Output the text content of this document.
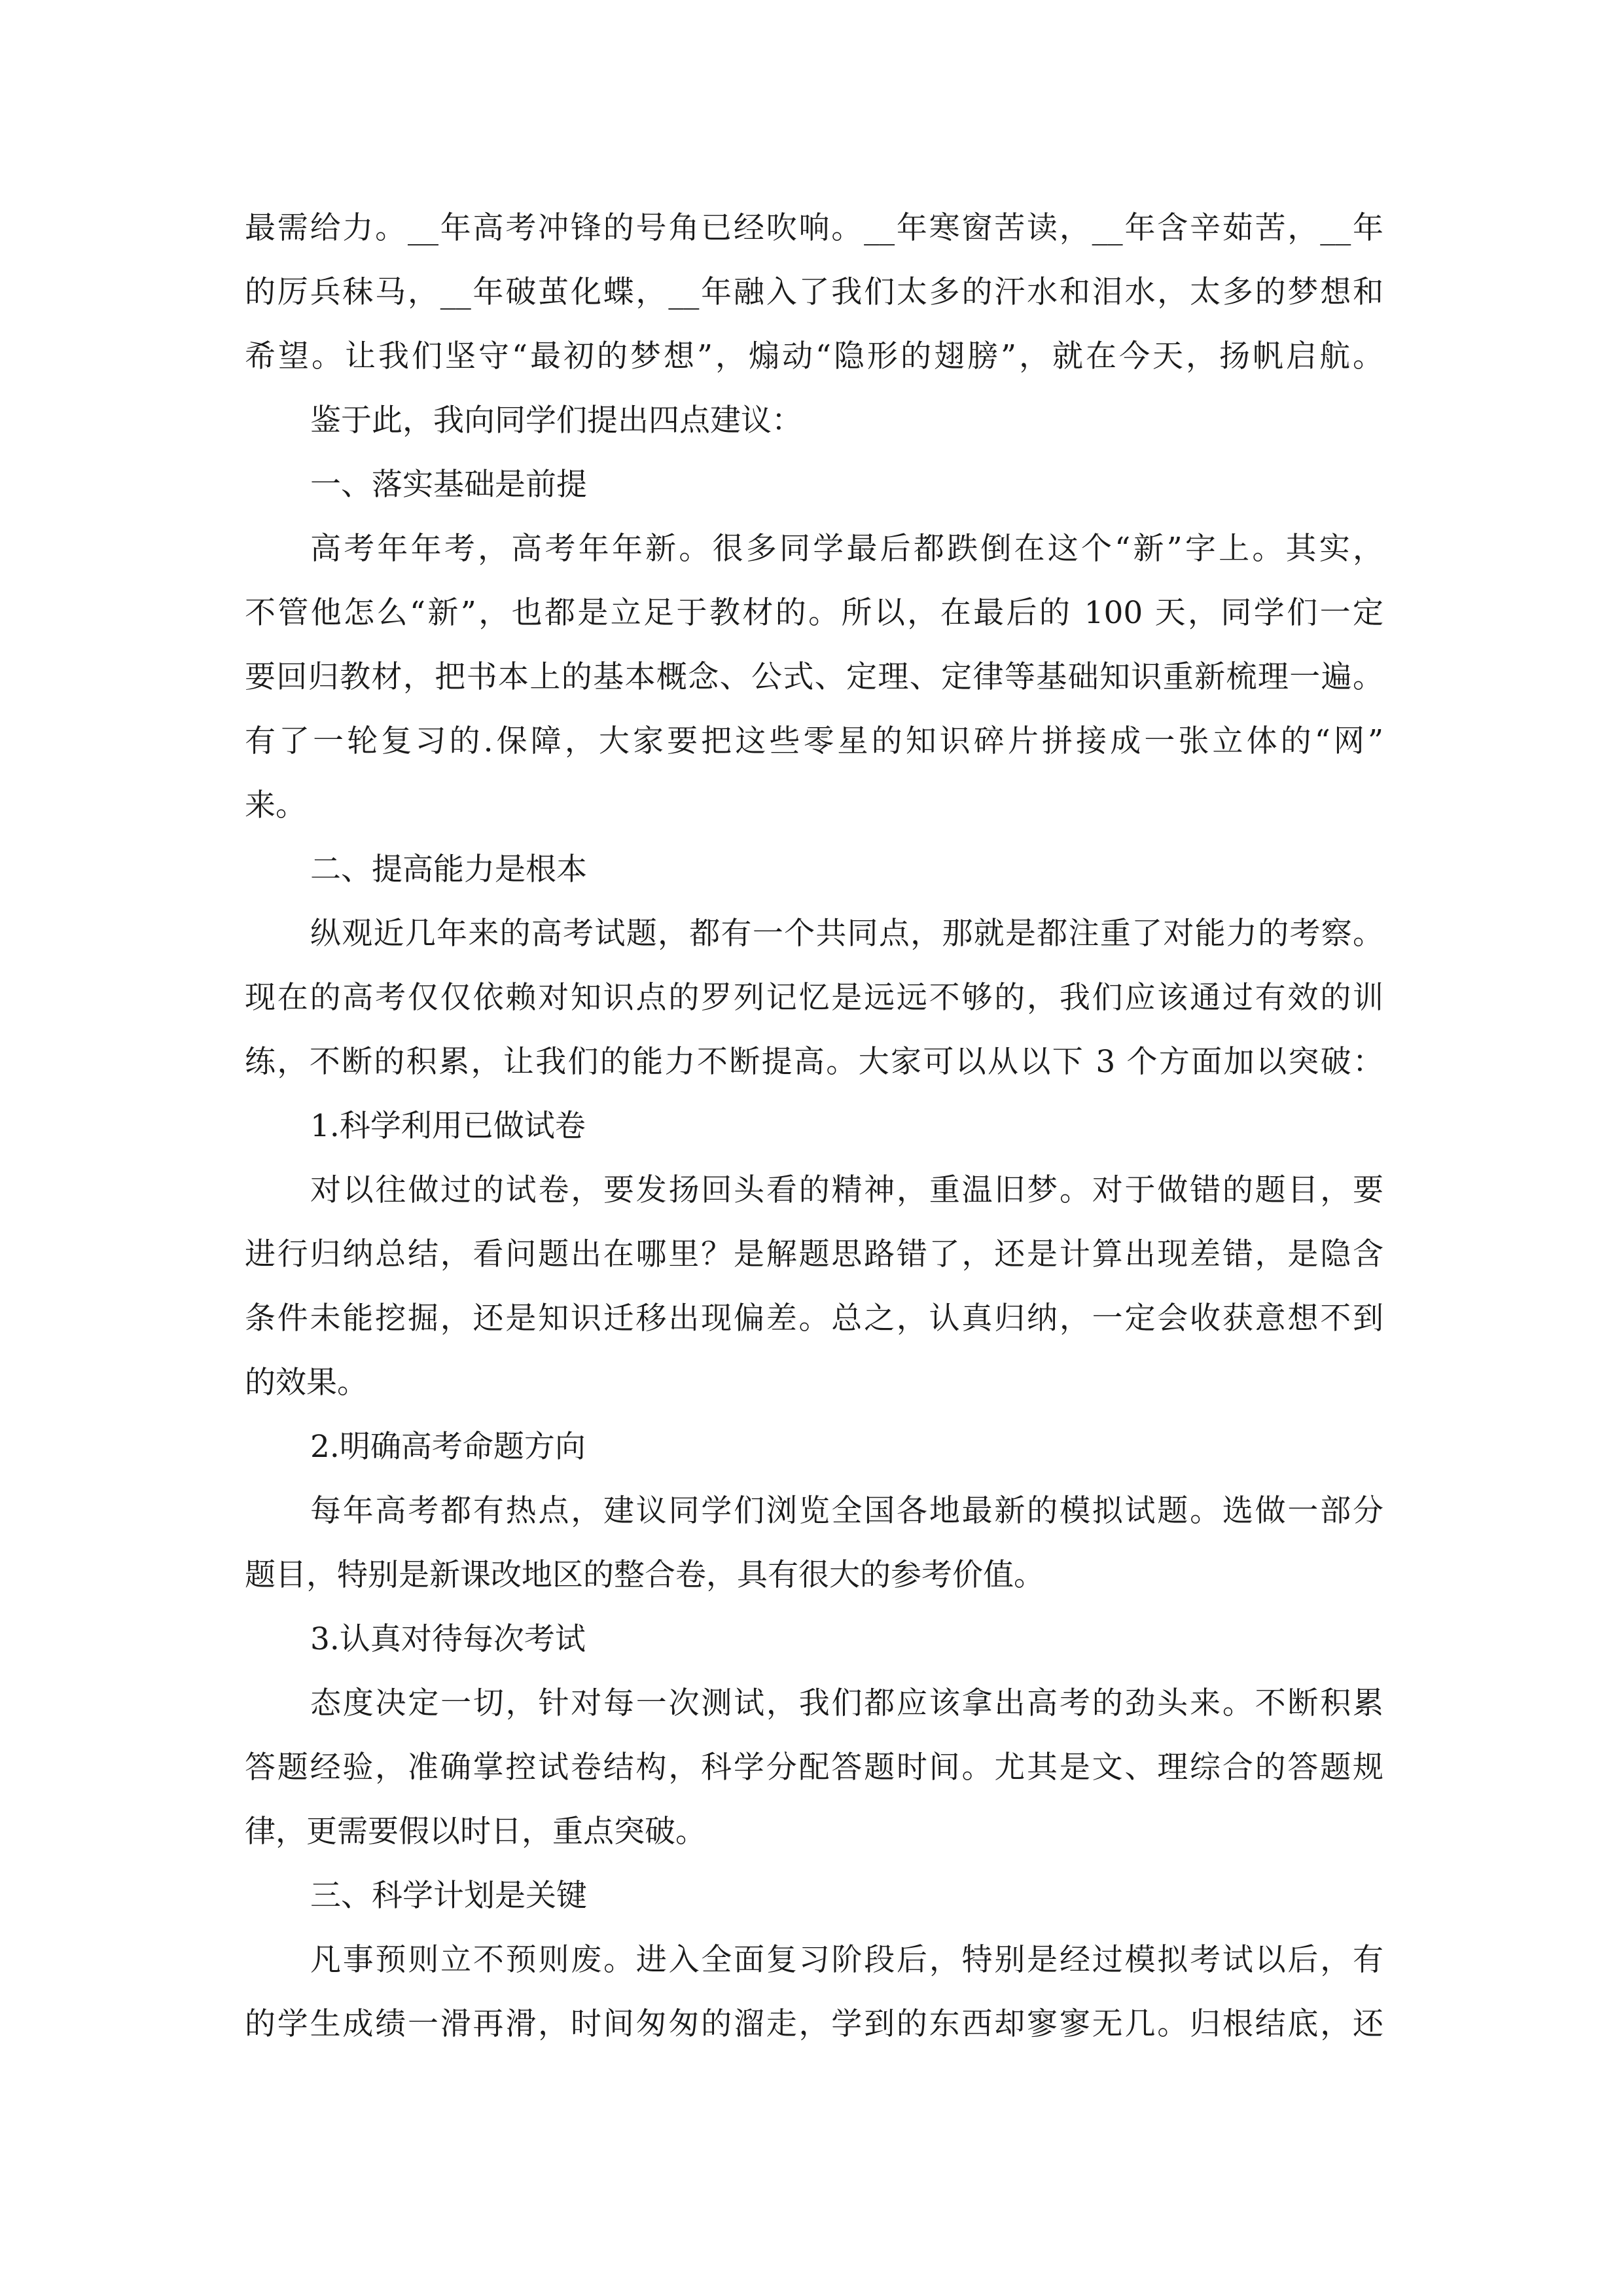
最需给力。__年高考冲锋的号角已经吹响。__年寒窗苦读，__年含辛茹苦，__年
的厉兵秣马，__年破茧化蝶，__年融入了我们太多的汗水和泪水，太多的梦想和
希望。让我们坚守“最初的梦想”，煽动“隐形的翅膀”，就在今天，扬帆启航。
鉴于此，我向同学们提出四点建议：
一、落实基础是前提
高考年年考，高考年年新。很多同学最后都跌倒在这个“新”字上。其实，
不管他怎么“新”，也都是立足于教材的。所以，在最后的 100 天，同学们一定
要回归教材，把书本上的基本概念、公式、定理、定律等基础知识重新梳理一遍。
有了一轮复习的.保障，大家要把这些零星的知识碎片拼接成一张立体的“网”
来。
二、提高能力是根本
纵观近几年来的高考试题，都有一个共同点，那就是都注重了对能力的考察。
现在的高考仅仅依赖对知识点的罗列记忆是远远不够的，我们应该通过有效的训
练，不断的积累，让我们的能力不断提高。大家可以从以下 3 个方面加以突破：
1.科学利用已做试卷
对以往做过的试卷，要发扬回头看的精神，重温旧梦。对于做错的题目，要
进行归纳总结，看问题出在哪里？是解题思路错了，还是计算出现差错，是隐含
条件未能挖掘，还是知识迁移出现偏差。总之，认真归纳，一定会收获意想不到
的效果。
2.明确高考命题方向
每年高考都有热点，建议同学们浏览全国各地最新的模拟试题。选做一部分
题目，特别是新课改地区的整合卷，具有很大的参考价值。
3.认真对待每次考试
态度决定一切，针对每一次测试，我们都应该拿出高考的劲头来。不断积累
答题经验，准确掌控试卷结构，科学分配答题时间。尤其是文、理综合的答题规
律，更需要假以时日，重点突破。
三、科学计划是关键
凡事预则立不预则废。进入全面复习阶段后，特别是经过模拟考试以后，有
的学生成绩一滑再滑，时间匆匆的溜走，学到的东西却寥寥无几。归根结底，还
